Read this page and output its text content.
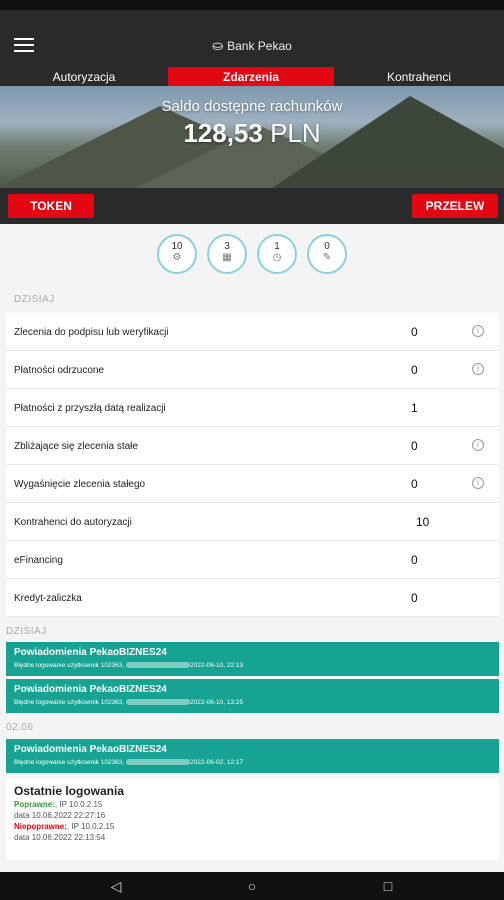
⛀ Bank Pekao
Autoryzacja	Zdarzenia	Kontrahenci
Saldo dostępne rachunków
128,53 PLN
TOKEN	PRZELEW
10
⚙
3
▦
1
◷
0
✎
DZISIAJ
Zlecenia do podpisu lub weryfikacji	0	i
Płatności odrzucone	0	i
Płatności z przyszłą datą realizacji	1
Zbliżające się zlecenia stałe	0	i
Wygaśnięcie zlecenia stałego	0	i
Kontrahenci do autoryzacji	10
eFinancing	0
Kredyt-zaliczka	0
DZISIAJ
Powiadomienia PekaoBIZNES24
Błędne logowanie użytkownik 102363,	2022-06-10, 22:13
Powiadomienia PekaoBIZNES24
Błędne logowanie użytkownik 102363,	2022-06-10, 13:25
02.06
Powiadomienia PekaoBIZNES24
Błędne logowanie użytkownik 102363,	2022-06-02, 12:17
Ostatnie logowania
Poprawne:, IP 10.0.2.15
data 10.06.2022 22:27:16
Niepoprawne:, IP 10.0.2.15
data 10.06.2022 22:13:54
◁	○	□
